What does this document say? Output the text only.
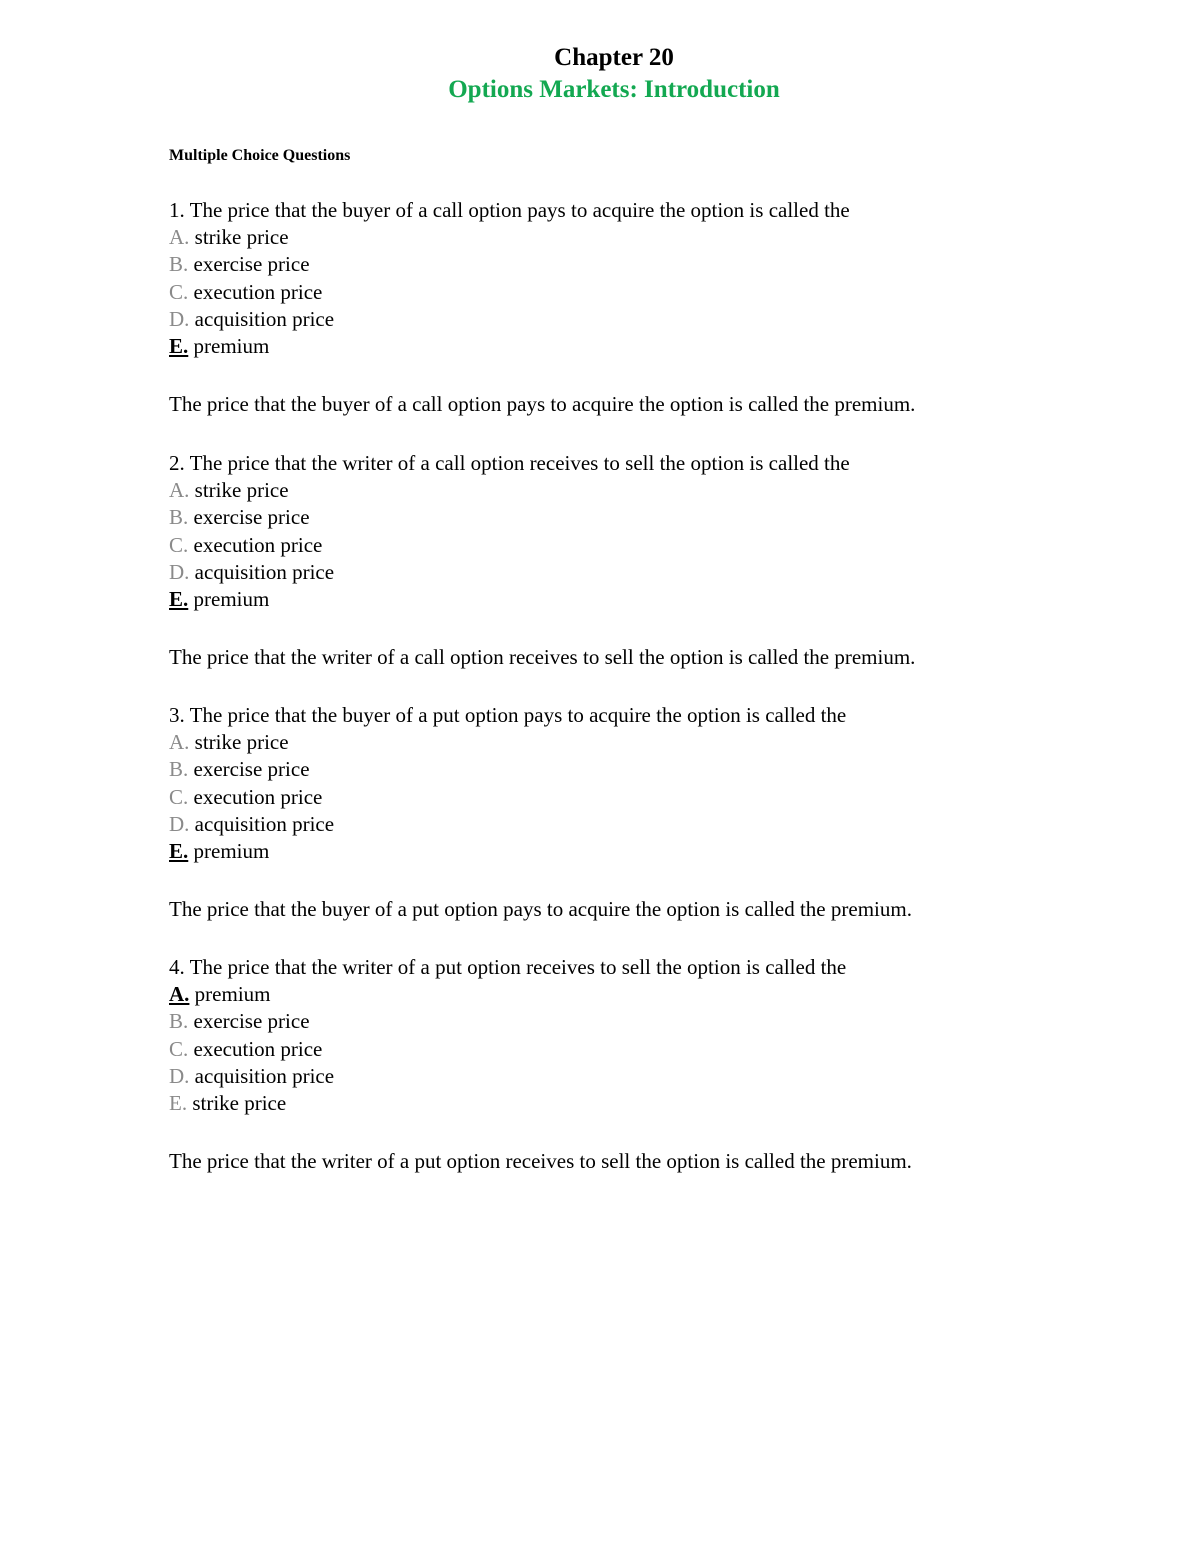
Chapter 20
Options Markets: Introduction
Multiple Choice Questions
1. The price that the buyer of a call option pays to acquire the option is called the
A. strike price
B. exercise price
C. execution price
D. acquisition price
E. premium
The price that the buyer of a call option pays to acquire the option is called the premium.
2. The price that the writer of a call option receives to sell the option is called the
A. strike price
B. exercise price
C. execution price
D. acquisition price
E. premium
The price that the writer of a call option receives to sell the option is called the premium.
3. The price that the buyer of a put option pays to acquire the option is called the
A. strike price
B. exercise price
C. execution price
D. acquisition price
E. premium
The price that the buyer of a put option pays to acquire the option is called the premium.
4. The price that the writer of a put option receives to sell the option is called the
A. premium
B. exercise price
C. execution price
D. acquisition price
E. strike price
The price that the writer of a put option receives to sell the option is called the premium.
